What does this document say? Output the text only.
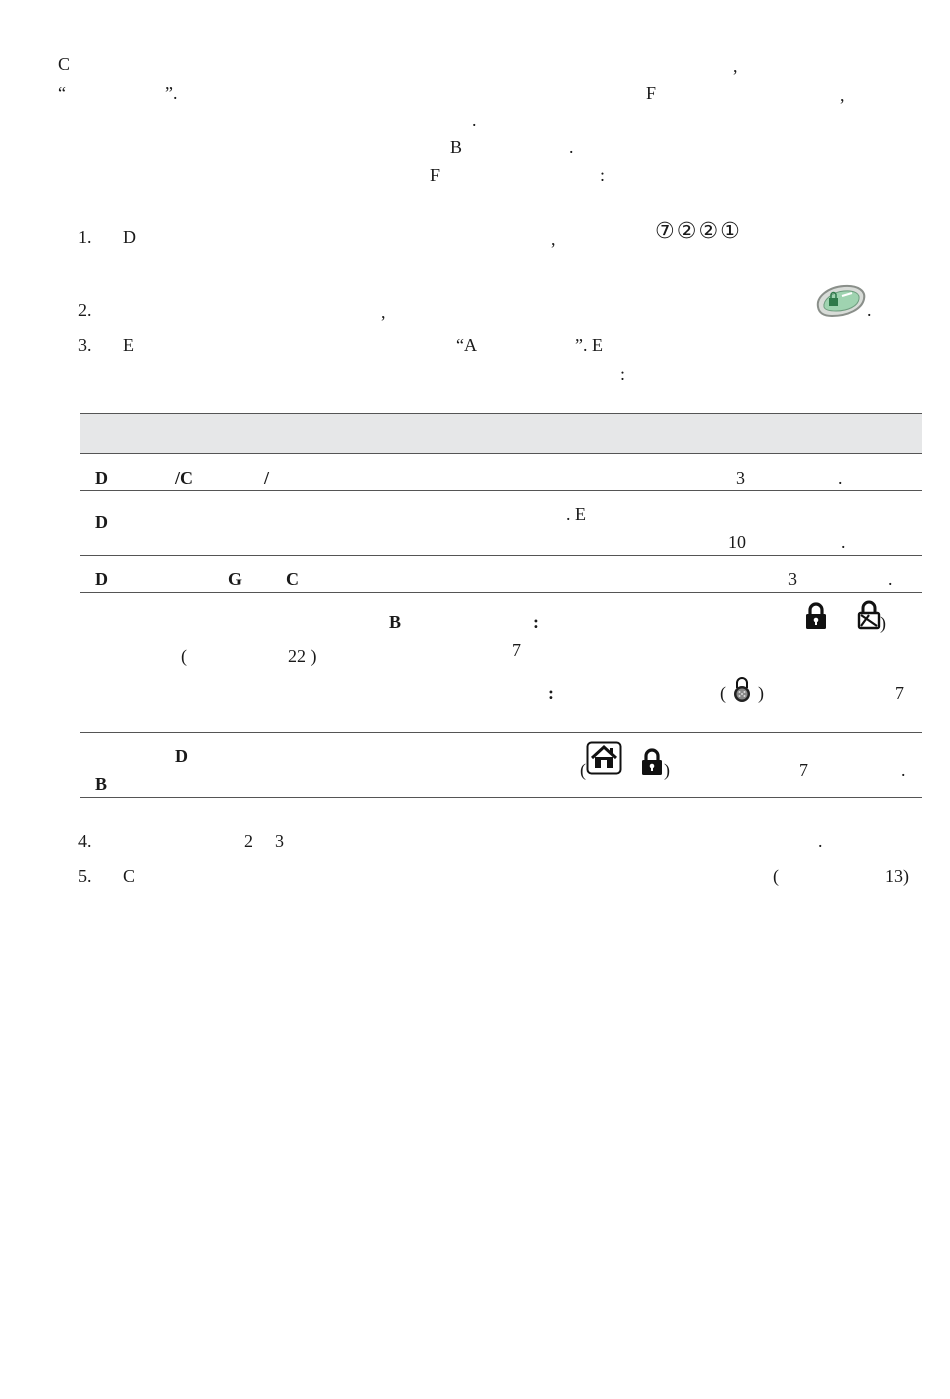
C	,
“	”.	F	,
.
B	.
F	:
1. D	,	⑦②②①
2.	,	.
3. E	“A	”. E
:
D	/C	/	3	.
D	. E
10	.
D	G C	3	.
B	:	)
(	22 )	7
:	( )	7
D
B
(	)	7	.
4.	2 3	.
5. C	(	13)
